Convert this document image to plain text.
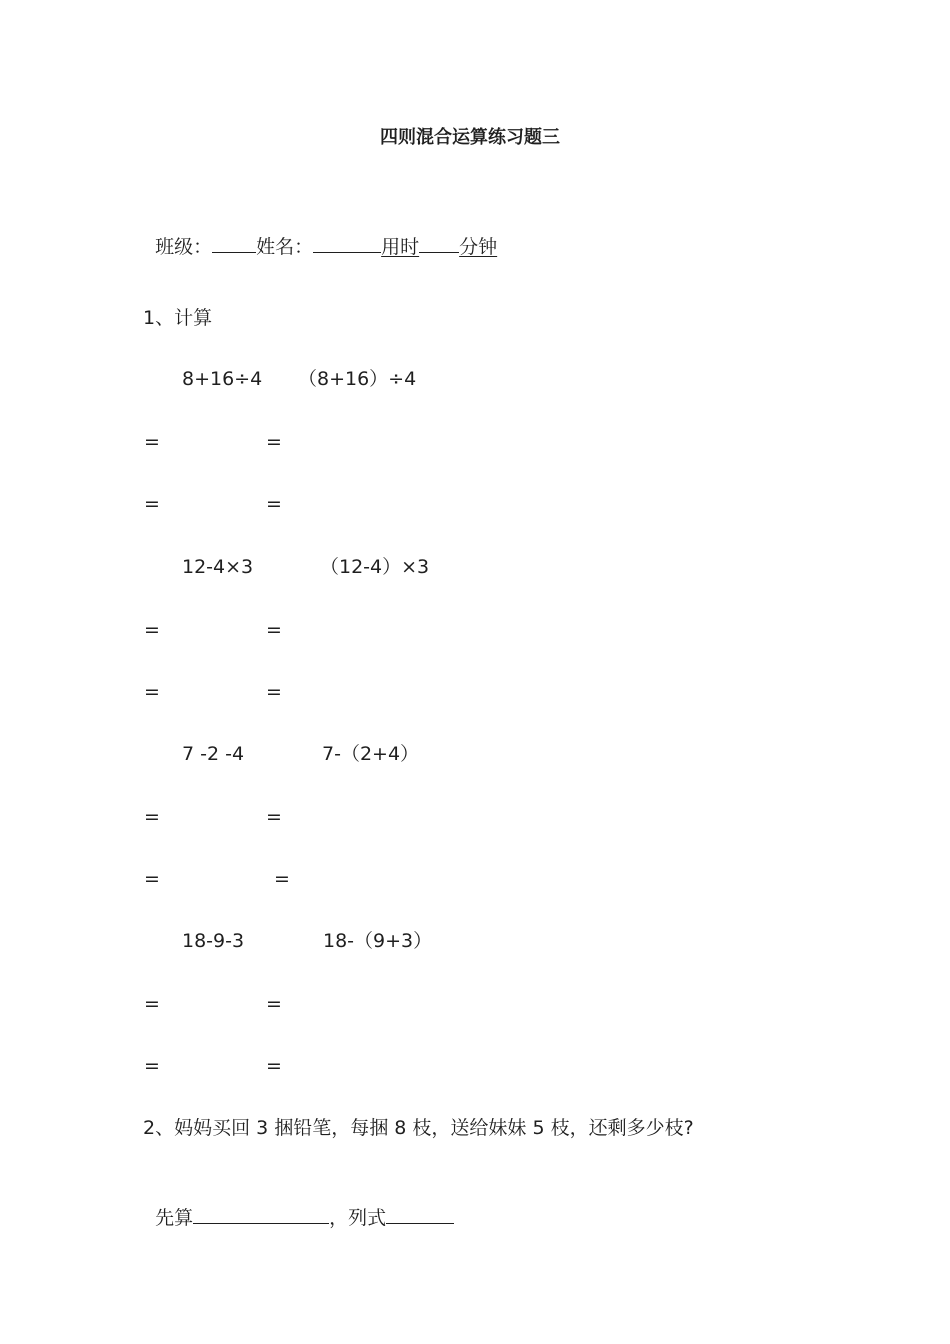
四则混合运算练习题三

班级： 姓名：	用时 分钟

1、计算
8+16÷4 （8+16）÷4
=	=
=	=
12-4×3	（12-4）×3
=	=
=	=
7 -2 -4	7-（2+4）
=	=
=	=
18-9-3	18-（9+3）
=	=
=	=
2、妈妈买回 3 捆铅笔，每捆 8 枝，送给妹妹 5 枝，还剩多少枝?

先算	，列式
